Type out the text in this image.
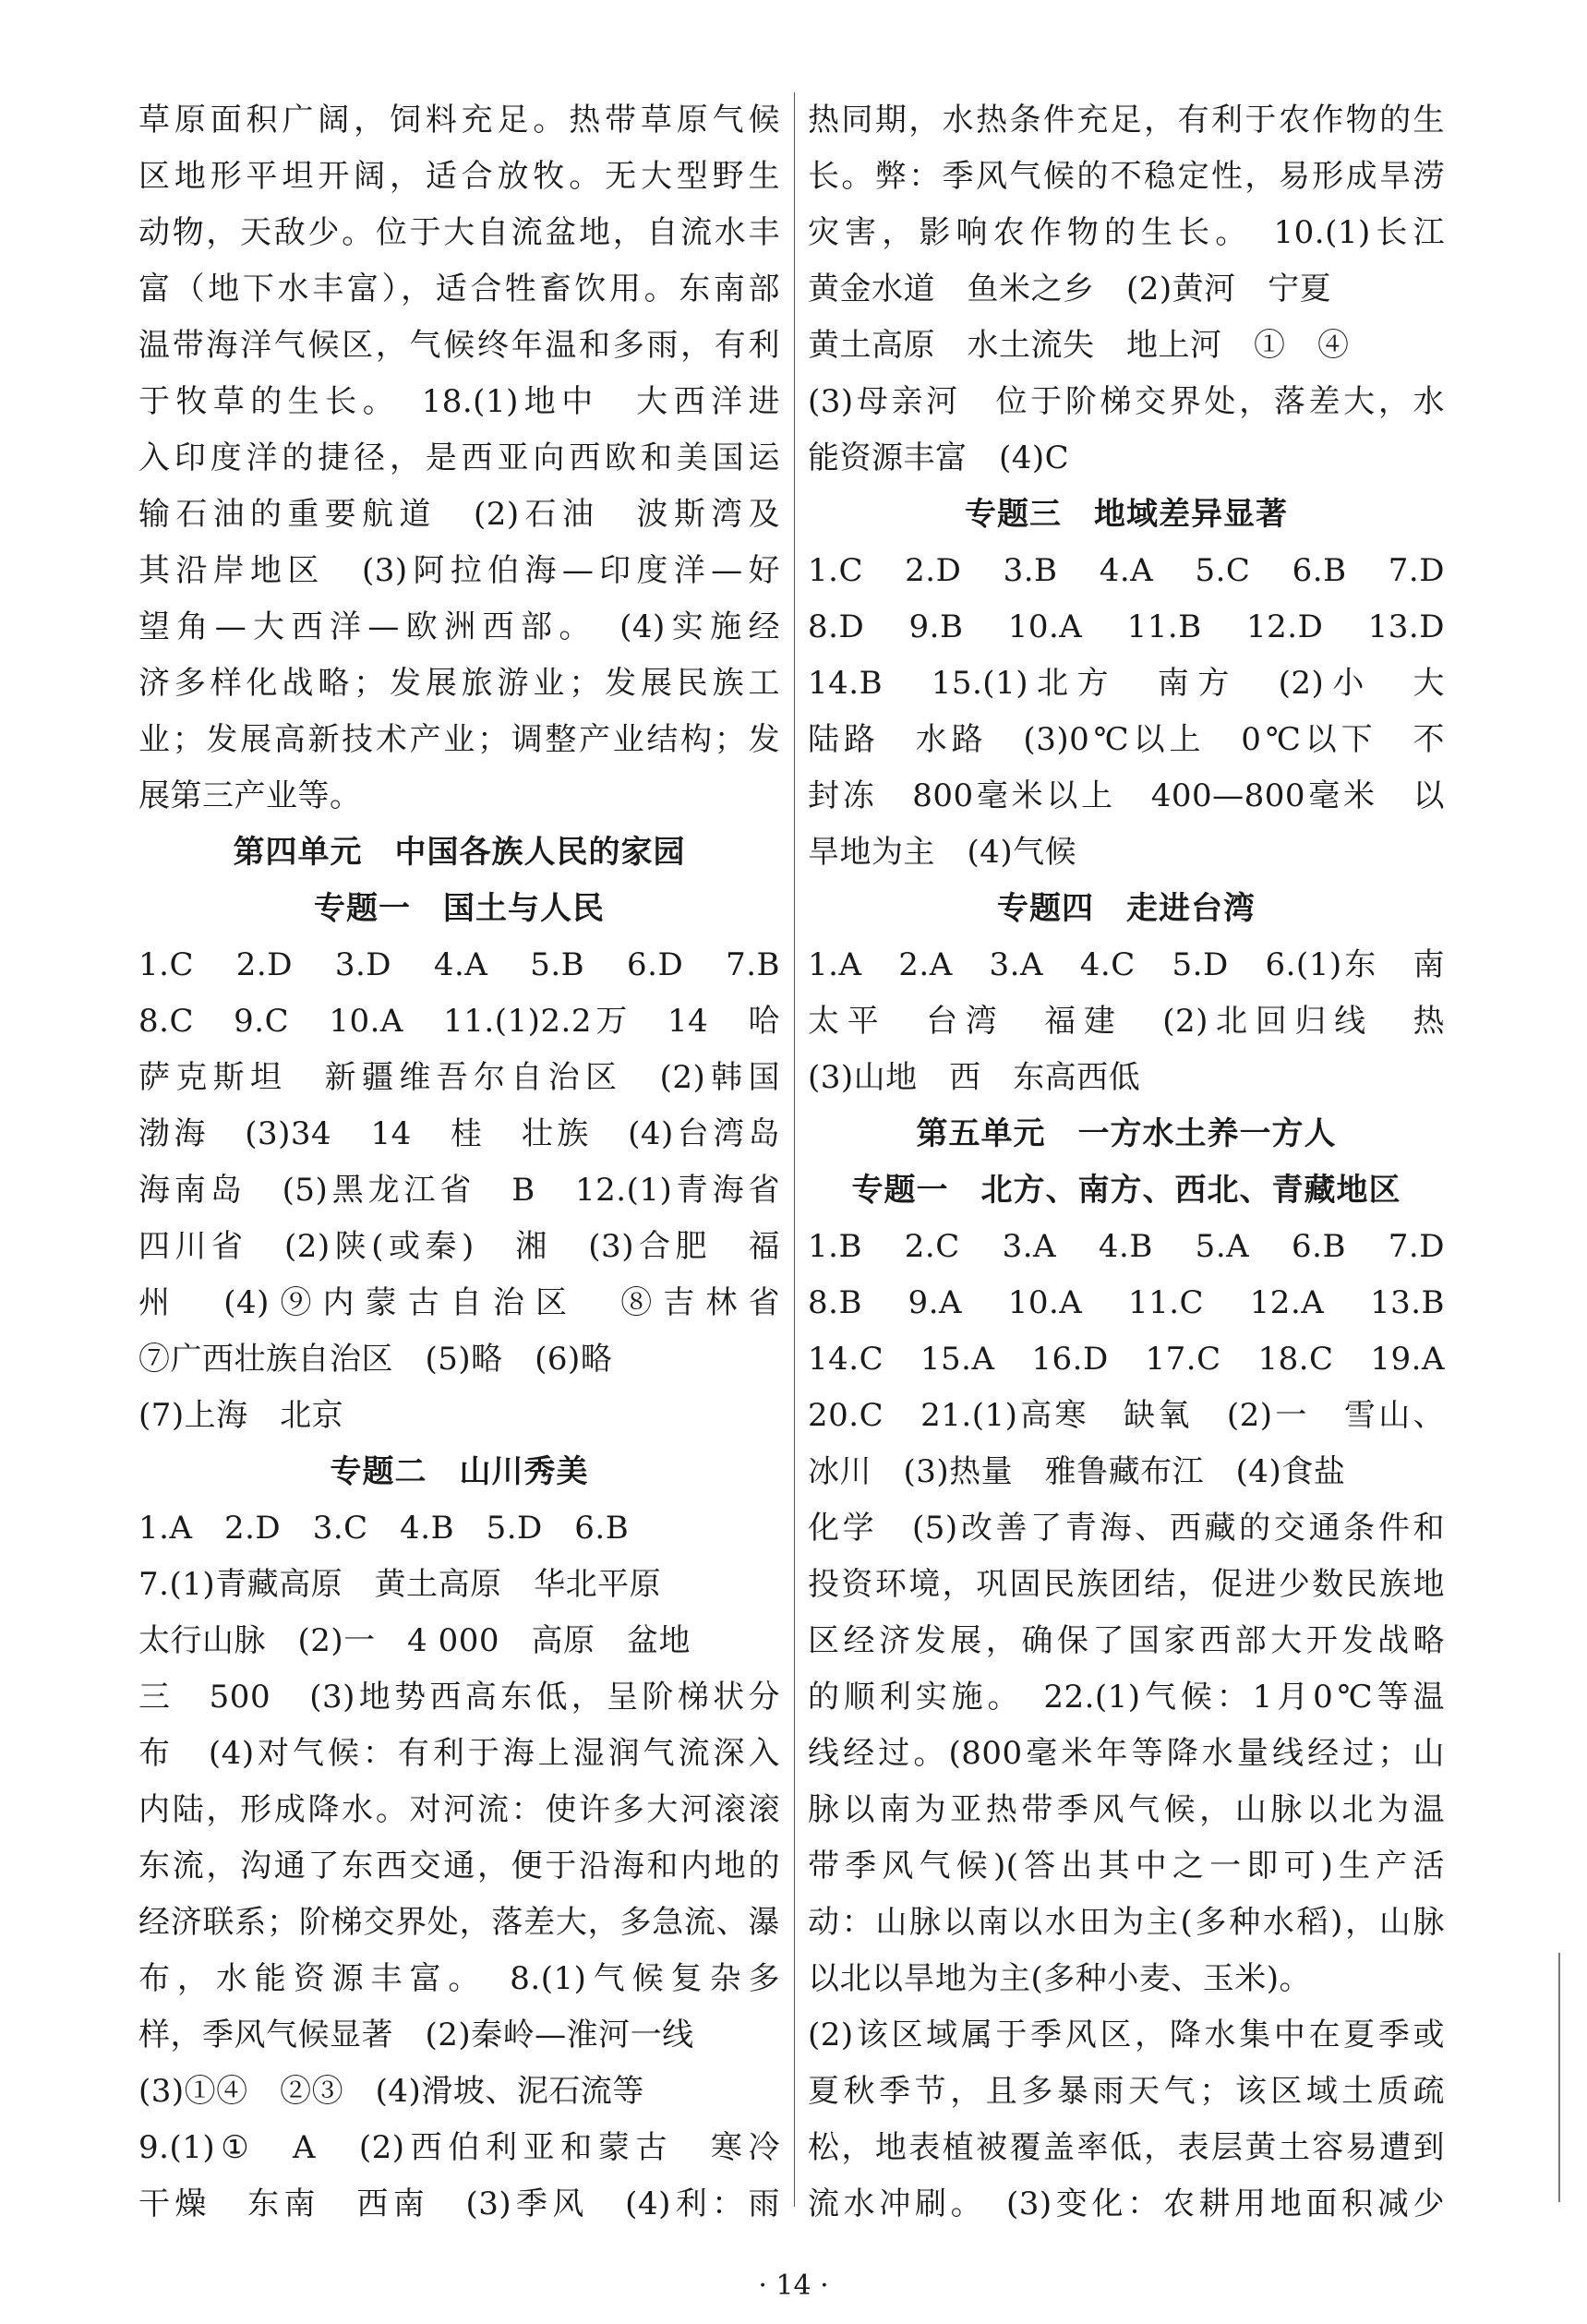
草原面积广阔，饲料充足。热带草原气候
区地形平坦开阔，适合放牧。无大型野生
动物，天敌少。位于大自流盆地，自流水丰
富（地下水丰富），适合牲畜饮用。东南部
温带海洋气候区，气候终年温和多雨，有利
于牧草的生长。　18.(1)地中　大西洋进
入印度洋的捷径，是西亚向西欧和美国运
输石油的重要航道　(2)石油　波斯湾及
其沿岸地区　(3)阿拉伯海—印度洋—好
望角—大西洋—欧洲西部。　(4)实施经
济多样化战略；发展旅游业；发展民族工
业；发展高新技术产业；调整产业结构；发
展第三产业等。
第四单元　中国各族人民的家园
专题一　国土与人民
1.C　2.D　3.D　4.A　5.B　6.D　7.B
8.C　9.C　10.A　11.(1)2.2万　14　哈
萨克斯坦　新疆维吾尔自治区　(2)韩国
渤海　(3)34　14　桂　壮族　(4)台湾岛
海南岛　(5)黑龙江省　B　12.(1)青海省
四川省　(2)陕(或秦)　湘　(3)合肥　福
州　(4)⑨内蒙古自治区　⑧吉林省
⑦广西壮族自治区　(5)略　(6)略
(7)上海　北京
专题二　山川秀美
1.A　2.D　3.C　4.B　5.D　6.B
7.(1)青藏高原　黄土高原　华北平原
太行山脉　(2)一　4 000　高原　盆地
三　500　(3)地势西高东低，呈阶梯状分
布　(4)对气候：有利于海上湿润气流深入
内陆，形成降水。对河流：使许多大河滚滚
东流，沟通了东西交通，便于沿海和内地的
经济联系；阶梯交界处，落差大，多急流、瀑
布，水能资源丰富。　8.(1)气候复杂多
样，季风气候显著　(2)秦岭—淮河一线
(3)①④　②③　(4)滑坡、泥石流等
9.(1)①　A　(2)西伯利亚和蒙古　寒冷
干燥　东南　西南　(3)季风　(4)利：雨
热同期，水热条件充足，有利于农作物的生
长。弊：季风气候的不稳定性，易形成旱涝
灾害，影响农作物的生长。　10.(1)长江
黄金水道　鱼米之乡　(2)黄河　宁夏
黄土高原　水土流失　地上河　①　④
(3)母亲河　位于阶梯交界处，落差大，水
能资源丰富　(4)C
专题三　地域差异显著
1.C　2.D　3.B　4.A　5.C　6.B　7.D
8.D　9.B　10.A　11.B　12.D　13.D
14.B　15.(1)北方　南方　(2)小　大
陆路　水路　(3)0℃以上　0℃以下　不
封冻　800毫米以上　400—800毫米　以
旱地为主　(4)气候
专题四　走进台湾
1.A　2.A　3.A　4.C　5.D　6.(1)东　南
太平　台湾　福建　(2)北回归线　热
(3)山地　西　东高西低
第五单元　一方水土养一方人
专题一　北方、南方、西北、青藏地区
1.B　2.C　3.A　4.B　5.A　6.B　7.D
8.B　9.A　10.A　11.C　12.A　13.B
14.C　15.A　16.D　17.C　18.C　19.A
20.C　21.(1)高寒　缺氧　(2)一　雪山、
冰川　(3)热量　雅鲁藏布江　(4)食盐
化学　(5)改善了青海、西藏的交通条件和
投资环境，巩固民族团结，促进少数民族地
区经济发展，确保了国家西部大开发战略
的顺利实施。　22.(1)气候：1月0℃等温
线经过。(800毫米年等降水量线经过；山
脉以南为亚热带季风气候，山脉以北为温
带季风气候)(答出其中之一即可)生产活
动：山脉以南以水田为主(多种水稻)，山脉
以北以旱地为主(多种小麦、玉米)。
(2)该区域属于季风区，降水集中在夏季或
夏秋季节，且多暴雨天气；该区域土质疏
松，地表植被覆盖率低，表层黄土容易遭到
流水冲刷。　(3)变化：农耕用地面积减少
· 14 ·
